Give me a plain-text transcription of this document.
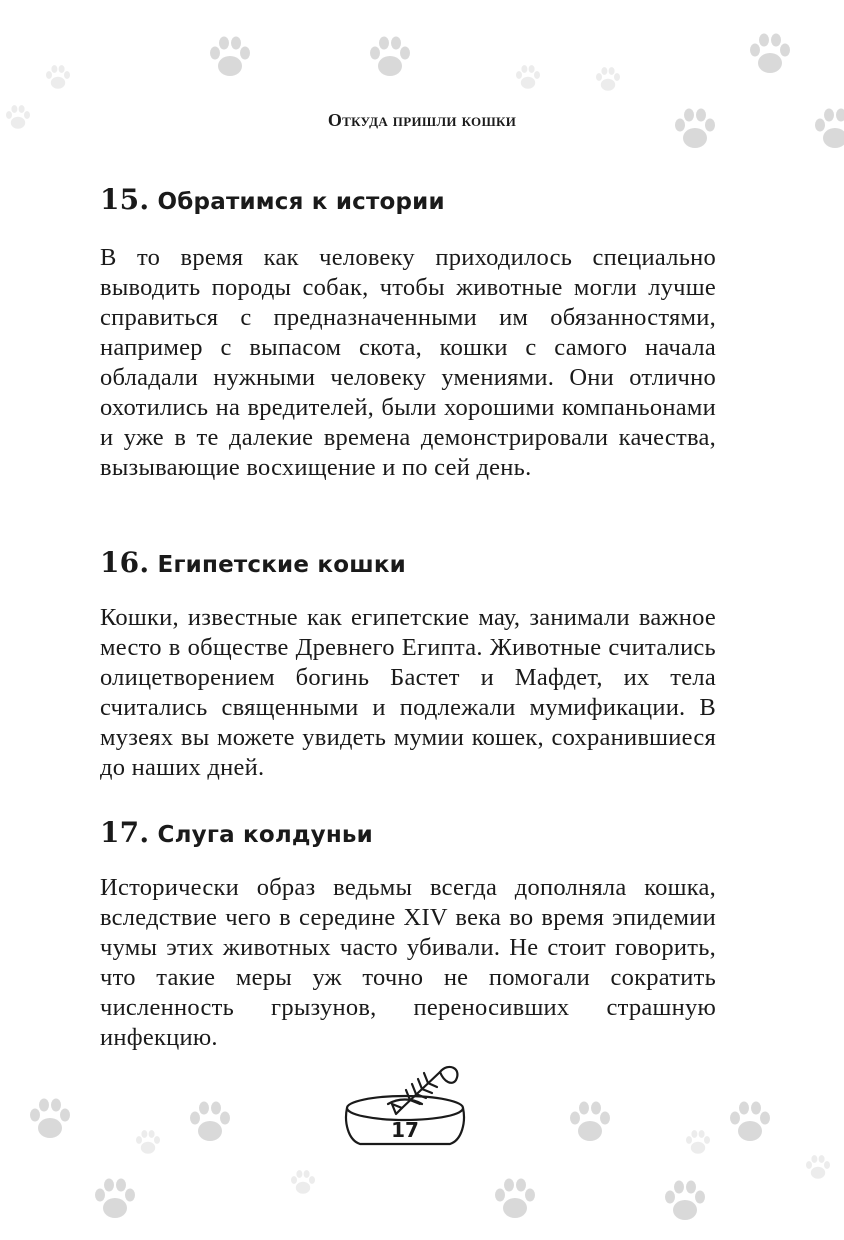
Откуда пришли кошки
15. Обратимся к истории

В то время как человеку приходилось специально выводить породы собак, чтобы животные могли лучше справиться с предназначенными им обязанностями, например с выпасом скота, кошки с самого начала обладали нужными человеку умениями. Они отлично охотились на вредителей, были хорошими компаньонами и уже в те далекие времена демонстрировали качества, вызывающие восхищение и по сей день.

16. Египетские кошки

Кошки, известные как египетские мау, занимали важное место в обществе Древнего Египта. Животные считались олицетворением богинь Бастет и Мафдет, их тела считались священными и подлежали мумификации. В музеях вы можете увидеть мумии кошек, сохранившиеся до наших дней.

17. Слуга колдуньи

Исторически образ ведьмы всегда дополняла кошка, вследствие чего в середине XIV века во время эпидемии чумы этих животных часто убивали. Не стоит говорить, что такие меры уж точно не помогали сократить численность грызунов, переносивших страшную инфекцию.

17
